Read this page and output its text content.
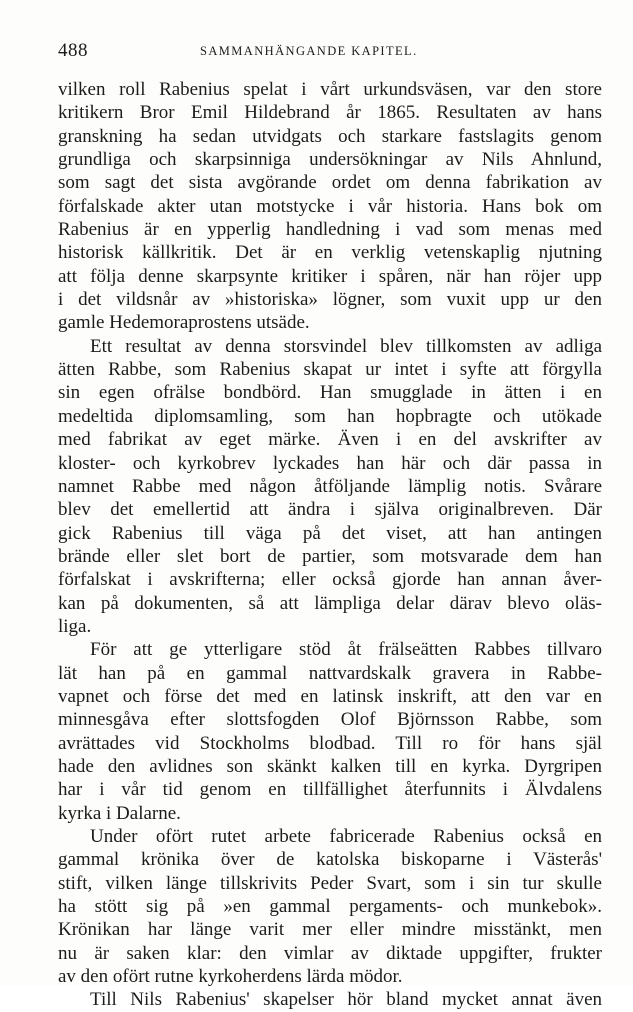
488	SAMMANHÄNGANDE KAPITEL.
vilken roll Rabenius spelat i vårt urkundsväsen, var den store
kritikern Bror Emil Hildebrand år 1865. Resultaten av hans
granskning ha sedan utvidgats och starkare fastslagits genom
grundliga och skarpsinniga undersökningar av Nils Ahnlund,
som sagt det sista avgörande ordet om denna fabrikation av
förfalskade akter utan motstycke i vår historia. Hans bok om
Rabenius är en ypperlig handledning i vad som menas med
historisk källkritik. Det är en verklig vetenskaplig njutning
att följa denne skarpsynte kritiker i spåren, när han röjer upp
i det vildsnår av »historiska» lögner, som vuxit upp ur den
gamle Hedemoraprostens utsäde.
Ett resultat av denna storsvindel blev tillkomsten av adliga
ätten Rabbe, som Rabenius skapat ur intet i syfte att förgylla
sin egen ofrälse bondbörd. Han smugglade in ätten i en
medeltida diplomsamling, som han hopbragte och utökade
med fabrikat av eget märke. Även i en del avskrifter av
kloster- och kyrkobrev lyckades han här och där passa in
namnet Rabbe med någon åtföljande lämplig notis. Svårare
blev det emellertid att ändra i själva originalbreven. Där
gick Rabenius till väga på det viset, att han antingen
brände eller slet bort de partier, som motsvarade dem han
förfalskat i avskrifterna; eller också gjorde han annan åver-
kan på dokumenten, så att lämpliga delar därav blevo oläs-
liga.
För att ge ytterligare stöd åt frälseätten Rabbes tillvaro
lät han på en gammal nattvardskalk gravera in Rabbe-
vapnet och förse det med en latinsk inskrift, att den var en
minnesgåva efter slottsfogden Olof Björnsson Rabbe, som
avrättades vid Stockholms blodbad. Till ro för hans själ
hade den avlidnes son skänkt kalken till en kyrka. Dyrgripen
har i vår tid genom en tillfällighet återfunnits i Älvdalens
kyrka i Dalarne.
Under ofört rutet arbete fabricerade Rabenius också en
gammal krönika över de katolska biskoparne i Västerås'
stift, vilken länge tillskrivits Peder Svart, som i sin tur skulle
ha stött sig på »en gammal pergaments- och munkebok».
Krönikan har länge varit mer eller mindre misstänkt, men
nu är saken klar: den vimlar av diktade uppgifter, frukter
av den ofört rutne kyrkoherdens lärda mödor.
Till Nils Rabenius' skapelser hör bland mycket annat även
